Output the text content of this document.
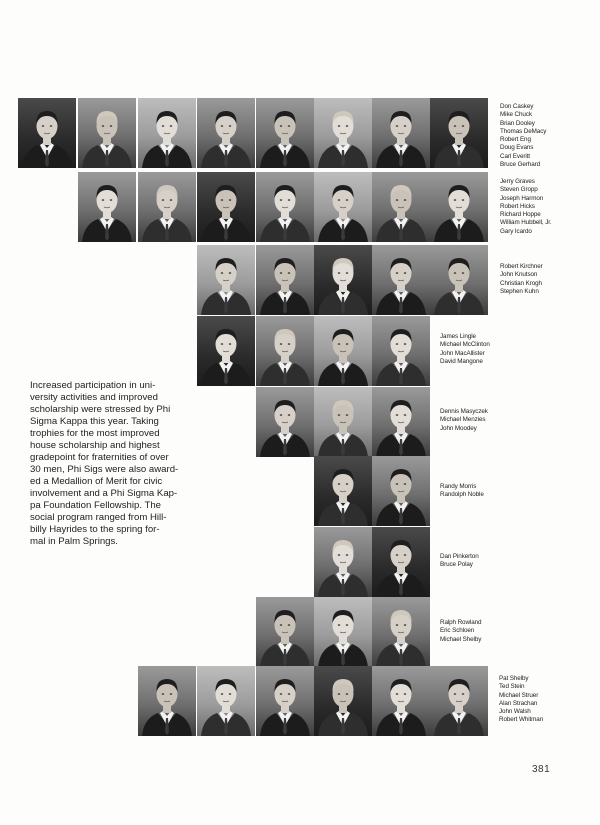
Don Caskey
Mike Chuck
Brian Dooley
Thomas DeMacy
Robert Eng
Doug Evans
Carl Everitt
Bruce Gerhard
Jerry Graves
Steven Gropp
Joseph Harmon
Robert Hicks
Richard Hoppe
William Hubbell, Jr.
Gary Icardo
Robert Kirchner
John Knutson
Christian Krogh
Stephen Kuhn
James Lingle
Michael McClinton
John MacAllister
David Mangone
Dennis Masyczek
Michael Menzies
John Moodey
Randy Morris
Randolph Noble
Dan Pinkerton
Bruce Polay
Ralph Rowland
Eric Schloen
Michael Shelby
Pat Shelby
Ted Stein
Michael Struer
Alan Strachan
John Walsh
Robert Whitman
Increased participation in uni-
versity activities and improved
scholarship were stressed by Phi
Sigma Kappa this year. Taking
trophies for the most improved
house scholarship and highest
gradepoint for fraternities of over
30 men, Phi Sigs were also award-
ed a Medallion of Merit for civic
involvement and a Phi Sigma Kap-
pa Foundation Fellowship. The
social program ranged from Hill-
billy Hayrides to the spring for-
mal in Palm Springs.
381
